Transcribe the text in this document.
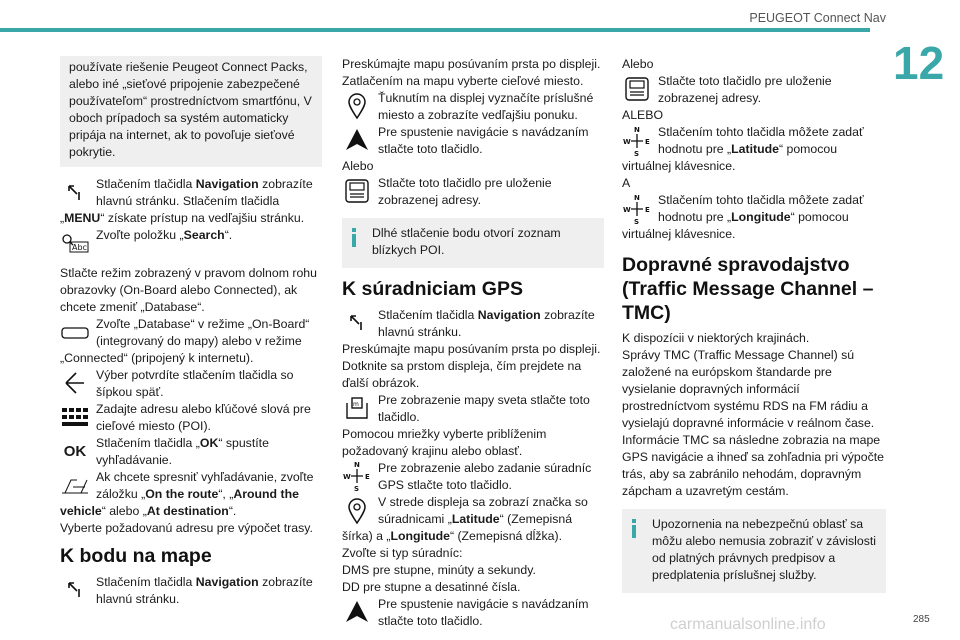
PEUGEOT Connect Nav
12

používate riešenie Peugeot Connect Packs, alebo iné „sieťové pripojenie zabezpečené používateľom“ prostredníctvom smartfónu, V oboch prípadoch sa systém automaticky pripája na internet, ak to povoľuje sieťové pokrytie.

Stlačením tlačidla Navigation zobrazíte hlavnú stránku. Stlačením tlačidla „MENU“ získate prístup na vedľajšiu stránku.
Abc
Zvoľte položku „Search“.

Stlačte režim zobrazený v pravom dolnom rohu obrazovky (On-Board alebo Connected), ak chcete zmeniť „Database“.

Zvoľte „Database“ v režime „On-Board“ (integrovaný do mapy) alebo v režime „Connected“ (pripojený k internetu).
Výber potvrdíte stlačením tlačidla so šípkou späť.
Zadajte adresu alebo kľúčové slová pre cieľové miesto (POI).
OK Stlačením tlačidla „OK“ spustíte vyhľadávanie.
Ak chcete spresniť vyhľadávanie, zvoľte záložku „On the route“, „Around the vehicle“ alebo „At destination“.

Vyberte požadovanú adresu pre výpočet trasy.

K bodu na mape
Stlačením tlačidla Navigation zobrazíte hlavnú stránku.

Preskúmajte mapu posúvaním prsta po displeji. Zatlačením na mapu vyberte cieľové miesto.

Ťuknutím na displej vyznačíte príslušné miesto a zobrazíte vedľajšiu ponuku.
Pre spustenie navigácie s navádzaním stlačte toto tlačidlo.

Alebo

Stlačte toto tlačidlo pre uloženie zobrazenej adresy.
Dlhé stlačenie bodu otvorí zoznam blízkych POI.
K súradniciam GPS
Stlačením tlačidla Navigation zobrazíte hlavnú stránku.

Preskúmajte mapu posúvaním prsta po displeji. Dotknite sa prstom displeja, čím prejdete na ďalší obrázok.

m Pre zobrazenie mapy sveta stlačte toto tlačidlo.

Pomocou mriežky vyberte priblíženim požadovaný krajinu alebo oblasť.

N
W E
S
Pre zobrazenie alebo zadanie súradníc GPS stlačte toto tlačidlo.
V strede displeja sa zobrazí značka so súradnicami „Latitude“ (Zemepisná šírka) a „Longitude“ (Zemepisná dĺžka).

Zvoľte si typ súradníc:

DMS pre stupne, minúty a sekundy.

DD pre stupne a desatinné čísla.

Pre spustenie navigácie s navádzaním stlačte toto tlačidlo.

Alebo

Stlačte toto tlačidlo pre uloženie zobrazenej adresy.

ALEBO

N
W E
S
Stlačením tohto tlačidla môžete zadať hodnotu pre „Latitude“ pomocou virtuálnej klávesnice.

A

N
W E
S
Stlačením tohto tlačidla môžete zadať hodnotu pre „Longitude“ pomocou virtuálnej klávesnice.
Dopravné spravodajstvo (Traffic Message Channel – TMC)

K dispozícii v niektorých krajinách.

Správy TMC (Traffic Message Channel) sú založené na európskom štandarde pre vysielanie dopravných informácií prostredníctvom systému RDS na FM rádiu a vysielajú dopravné informácie v reálnom čase.

Informácie TMC sa následne zobrazia na mape GPS navigácie a ihneď sa zohľadnia pri výpočte trás, aby sa zabránilo nehodám, dopravným zápcham a uzavretým cestám.

Upozornenia na nebezpečnú oblasť sa môžu alebo nemusia zobraziť v závislosti od platných právnych predpisov a predplatenia príslušnej služby.
carmanualsonline.info	285
